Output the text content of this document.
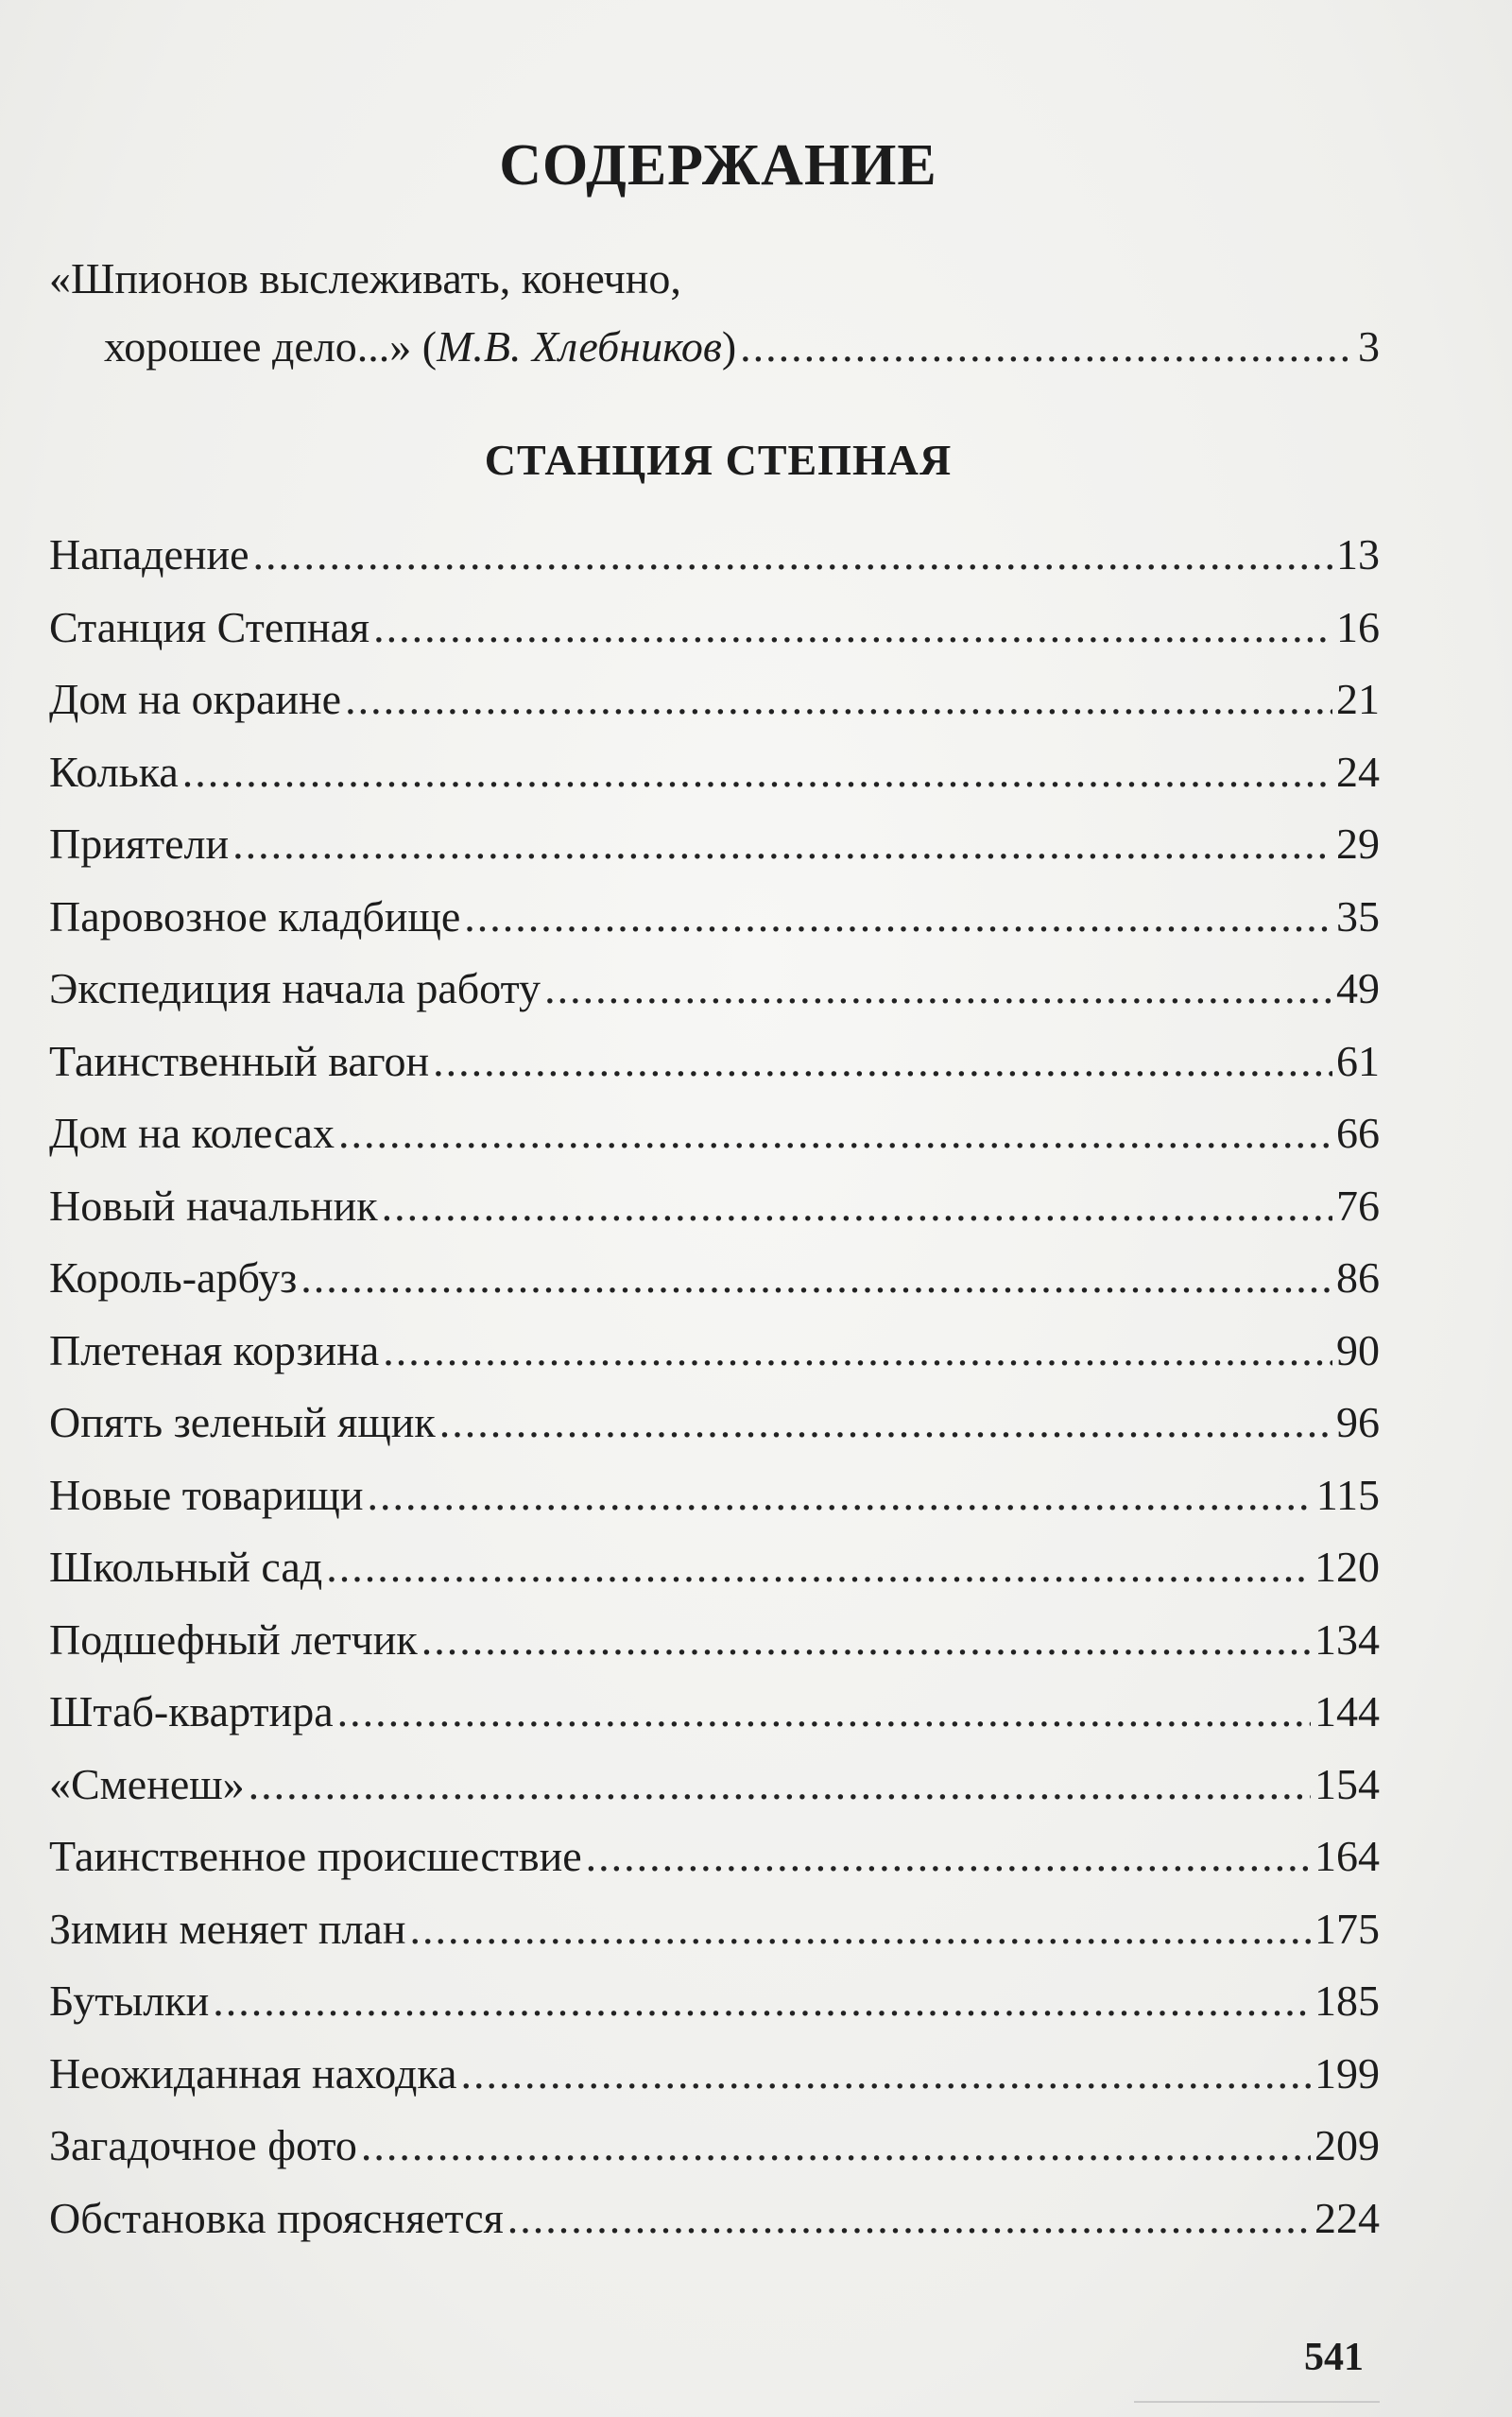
СОДЕРЖАНИЕ
«Шпионов выслеживать, конечно,
хорошее дело...» (М.В. Хлебников) .....	3
СТАНЦИЯ СТЕПНАЯ
Нападение .....	13
Станция Степная .....	16
Дом на окраине .....	21
Колька .....	24
Приятели .....	29
Паровозное кладбище .....	35
Экспедиция начала работу .....	49
Таинственный вагон .....	61
Дом на колесах .....	66
Новый начальник .....	76
Король-арбуз .....	86
Плетеная корзина .....	90
Опять зеленый ящик .....	96
Новые товарищи .....	115
Школьный сад .....	120
Подшефный летчик .....	134
Штаб-квартира .....	144
«Сменеш» .....	154
Таинственное происшествие .....	164
Зимин меняет план .....	175
Бутылки .....	185
Неожиданная находка .....	199
Загадочное фото .....	209
Обстановка проясняется .....	224
541
